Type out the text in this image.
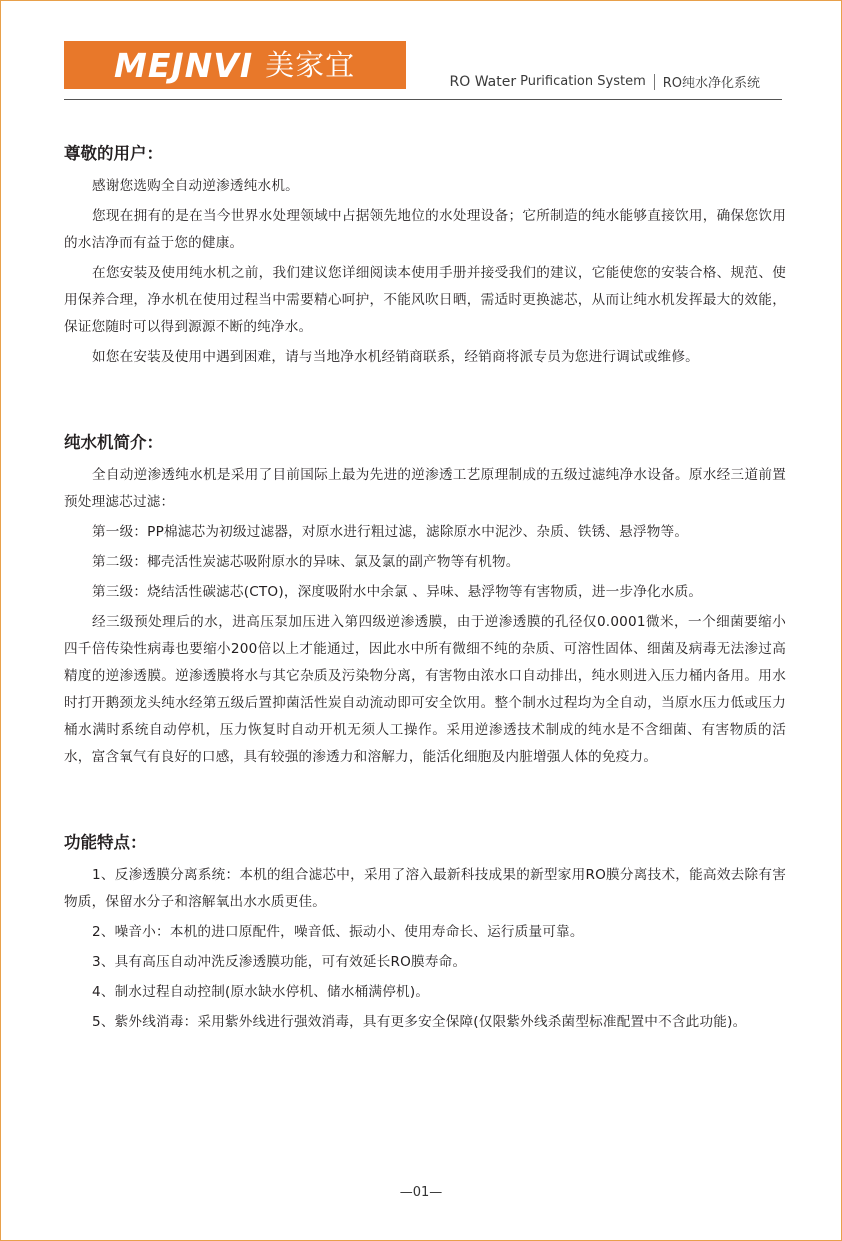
MEJNVI 美家宜	RO Water Purification System RO纯水净化系统
尊敬的用户：

感谢您选购全自动逆渗透纯水机。

您现在拥有的是在当今世界水处理领域中占据领先地位的水处理设备；它所制造的纯水能够直接饮用，确保您饮用的水洁净而有益于您的健康。

在您安装及使用纯水机之前，我们建议您详细阅读本使用手册并接受我们的建议，它能使您的安装合格、规范、使用保养合理，净水机在使用过程当中需要精心呵护，不能风吹日晒，需适时更换滤芯，从而让纯水机发挥最大的效能，保证您随时可以得到源源不断的纯净水。

如您在安装及使用中遇到困难，请与当地净水机经销商联系，经销商将派专员为您进行调试或维修。

纯水机简介：

全自动逆渗透纯水机是采用了目前国际上最为先进的逆渗透工艺原理制成的五级过滤纯净水设备。原水经三道前置预处理滤芯过滤：

第一级：PP棉滤芯为初级过滤器，对原水进行粗过滤，滤除原水中泥沙、杂质、铁锈、悬浮物等。

第二级：椰壳活性炭滤芯吸附原水的异味、氯及氯的副产物等有机物。

第三级：烧结活性碳滤芯(CTO)，深度吸附水中余氯 、异味、悬浮物等有害物质，进一步净化水质。

经三级预处理后的水，进高压泵加压进入第四级逆渗透膜，由于逆渗透膜的孔径仅0.0001微米，一个细菌要缩小四千倍传染性病毒也要缩小200倍以上才能通过，因此水中所有微细不纯的杂质、可溶性固体、细菌及病毒无法渗过高精度的逆渗透膜。逆渗透膜将水与其它杂质及污染物分离，有害物由浓水口自动排出，纯水则进入压力桶内备用。用水时打开鹅颈龙头纯水经第五级后置抑菌活性炭自动流动即可安全饮用。整个制水过程均为全自动，当原水压力低或压力桶水满时系统自动停机，压力恢复时自动开机无须人工操作。采用逆渗透技术制成的纯水是不含细菌、有害物质的活水，富含氧气有良好的口感，具有较强的渗透力和溶解力，能活化细胞及内脏增强人体的免疫力。

功能特点：

1、反渗透膜分离系统：本机的组合滤芯中，采用了溶入最新科技成果的新型家用RO膜分离技术，能高效去除有害物质，保留水分子和溶解氧出水水质更佳。

2、噪音小：本机的进口原配件，噪音低、振动小、使用寿命长、运行质量可靠。

3、具有高压自动冲洗反渗透膜功能，可有效延长RO膜寿命。

4、制水过程自动控制(原水缺水停机、储水桶满停机)。

5、紫外线消毒：采用紫外线进行强效消毒，具有更多安全保障(仅限紫外线杀菌型标准配置中不含此功能)。

—01—
